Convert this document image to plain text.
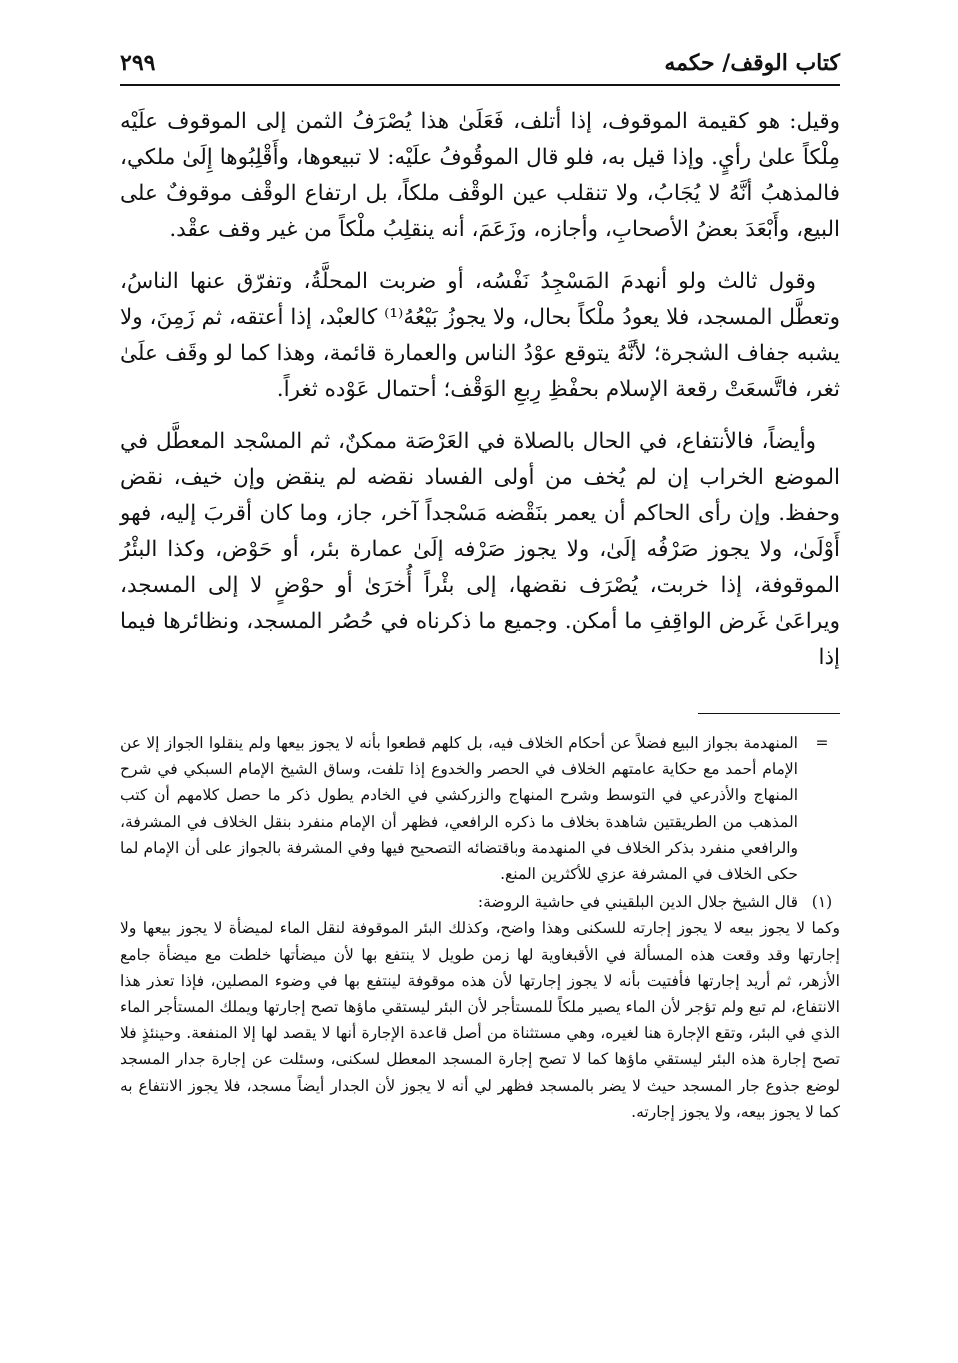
كتاب الوقف/ حكمه
٢٩٩

وقيل: هو كقيمة الموقوف، إذا أتلف، فَعَلَىٰ هذا يُصْرَفُ الثمن إلى الموقوف علَيْه مِلْكاً علىٰ رأيٍ. وإذا قيل به، فلو قال الموقُوفُ علَيْه: لا تبيعوها، وأَقْلِبُوها إِلَىٰ ملكي، فالمذهبُ أنَّهُ لا يُجَابُ، ولا تنقلب عين الوقْف ملكاً، بل ارتفاع الوقْف موقوفٌ على البيع، وأَبْعَدَ بعضُ الأصحابِ، وأجازه، وزَعَمَ، أنه ينقلِبُ ملْكاً من غير وقف عقْد.

وقول ثالث ولو أنهدمَ المَسْجِدُ نَفْسُه، أو ضربت المحلَّةُ، وتفرّق عنها الناسُ، وتعطَّل المسجد، فلا يعودُ ملْكاً بحال، ولا يجوزُ بَيْعُهُ⁽¹⁾ كالعبْد، إذا أعتقه، ثم زَمِنَ، ولا يشبه جفاف الشجرة؛ لأنَّهُ يتوقع عوْدُ الناس والعمارة قائمة، وهذا كما لو وقَف علَىٰ ثغر، فاتَّسعَتْ رقعة الإسلام بحفْظِ رِبعِ الوَقْف؛ أحتمال عَوْده ثغراً.

وأيضاً، فالأنتفاع، في الحال بالصلاة في العَرْصَة ممكنٌ، ثم المسْجد المعطَّل في الموضع الخراب إن لم يُخف من أولى الفساد نقضه لم ينقض وإن خيف، نقض وحفظ. وإن رأى الحاكم أن يعمر بنَقْضه مَسْجداً آخر، جاز، وما كان أقربَ إليه، فهو أَوْلَىٰ، ولا يجوز صَرْفُه إلَىٰ، ولا يجوز صَرْفه إلَىٰ عمارة بئر، أو حَوْض، وكذا البئْرُ الموقوفة، إذا خربت، يُصْرَف نقضها، إلى بئْراً أُخرَىٰ أو حوْضٍ لا إلى المسجد، ويراعَىٰ غَرض الواقِفِ ما أمكن. وجميع ما ذكرناه في حُصُر المسجد، ونظائرها فيما إذا

=
المنهدمة بجواز البيع فضلاً عن أحكام الخلاف فيه، بل كلهم قطعوا بأنه لا يجوز بيعها ولم ينقلوا الجواز إلا عن الإمام أحمد مع حكاية عامتهم الخلاف في الحصر والخدوع إذا تلفت، وساق الشيخ الإمام السبكي في شرح المنهاج والأذرعي في التوسط وشرح المنهاج والزركشي في الخادم يطول ذكر ما حصل كلامهم أن كتب المذهب من الطريقتين شاهدة بخلاف ما ذكره الرافعي، فظهر أن الإمام منفرد بنقل الخلاف في المشرفة، والرافعي منفرد بذكر الخلاف في المنهدمة وباقتضائه التصحيح فيها وفي المشرفة بالجواز على أن الإمام لما حكى الخلاف في المشرفة عزي للأكثرين المنع.
(١)
قال الشيخ جلال الدين البلقيني في حاشية الروضة:
وكما لا يجوز بيعه لا يجوز إجارته للسكنى وهذا واضح، وكذلك البئر الموقوفة لنقل الماء لميضأة لا يجوز بيعها ولا إجارتها وقد وقعت هذه المسألة في الأقبغاوية لها زمن طويل لا ينتفع بها لأن ميضأتها خلطت مع ميضأة جامع الأزهر، ثم أريد إجارتها فأفتيت بأنه لا يجوز إجارتها لأن هذه موقوفة لينتفع بها في وضوء المصلين، فإذا تعذر هذا الانتفاع، لم تبع ولم تؤجر لأن الماء يصير ملكاً للمستأجر لأن البئر ليستقي ماؤها تصح إجارتها ويملك المستأجر الماء الذي في البئر، وتقع الإجارة هنا لغيره، وهي مستثناة من أصل قاعدة الإجارة أنها لا يقصد لها إلا المنفعة. وحينئذٍ فلا تصح إجارة هذه البئر ليستقي ماؤها كما لا تصح إجارة المسجد المعطل لسكنى، وسئلت عن إجارة جدار المسجد لوضع جذوع جار المسجد حيث لا يضر بالمسجد فظهر لي أنه لا يجوز لأن الجدار أيضاً مسجد، فلا يجوز الانتفاع به كما لا يجوز بيعه، ولا يجوز إجارته.
